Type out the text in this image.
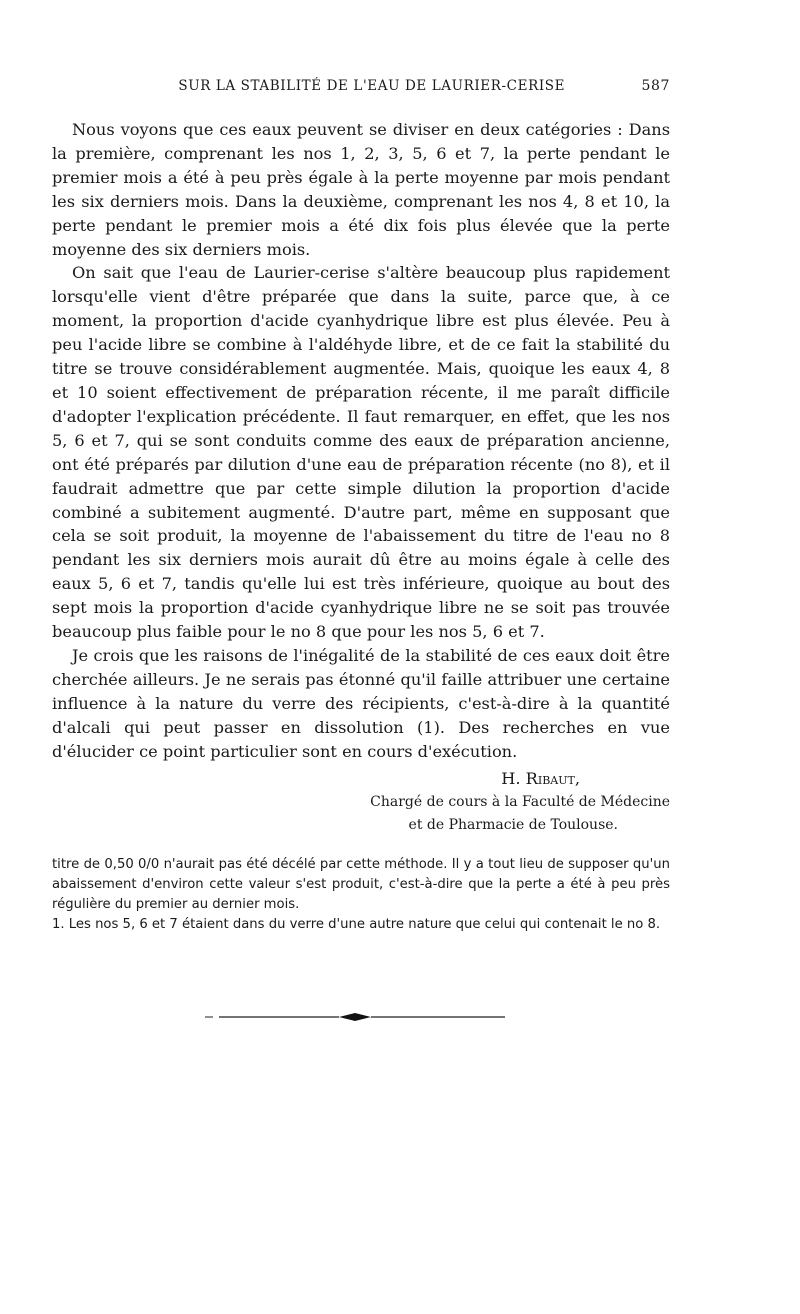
SUR LA STABILITÉ DE L'EAU DE LAURIER-CERISE	587

Nous voyons que ces eaux peuvent se diviser en deux catégories : Dans la première, comprenant les nos 1, 2, 3, 5, 6 et 7, la perte pendant le premier mois a été à peu près égale à la perte moyenne par mois pendant les six derniers mois. Dans la deuxième, comprenant les nos 4, 8 et 10, la perte pendant le premier mois a été dix fois plus élevée que la perte moyenne des six derniers mois.

On sait que l'eau de Laurier-cerise s'altère beaucoup plus rapidement lorsqu'elle vient d'être préparée que dans la suite, parce que, à ce moment, la proportion d'acide cyanhydrique libre est plus élevée. Peu à peu l'acide libre se combine à l'aldéhyde libre, et de ce fait la stabilité du titre se trouve considérablement augmentée. Mais, quoique les eaux 4, 8 et 10 soient effectivement de préparation récente, il me paraît difficile d'adopter l'explication précédente. Il faut remarquer, en effet, que les nos 5, 6 et 7, qui se sont conduits comme des eaux de préparation ancienne, ont été préparés par dilution d'une eau de préparation récente (no 8), et il faudrait admettre que par cette simple dilution la proportion d'acide combiné a subitement augmenté. D'autre part, même en supposant que cela se soit produit, la moyenne de l'abaissement du titre de l'eau no 8 pendant les six derniers mois aurait dû être au moins égale à celle des eaux 5, 6 et 7, tandis qu'elle lui est très inférieure, quoique au bout des sept mois la proportion d'acide cyanhydrique libre ne se soit pas trouvée beaucoup plus faible pour le no 8 que pour les nos 5, 6 et 7.

Je crois que les raisons de l'inégalité de la stabilité de ces eaux doit être cherchée ailleurs. Je ne serais pas étonné qu'il faille attribuer une certaine influence à la nature du verre des récipients, c'est-à-dire à la quantité d'alcali qui peut passer en dissolution (1). Des recherches en vue d'élucider ce point particulier sont en cours d'exécution.

H. Ribaut,
Chargé de cours à la Faculté de Médecine
et de Pharmacie de Toulouse.

titre de 0,50 0/0 n'aurait pas été décélé par cette méthode. Il y a tout lieu de supposer qu'un abaissement d'environ cette valeur s'est produit, c'est-à-dire que la perte a été à peu près régulière du premier au dernier mois.

1. Les nos 5, 6 et 7 étaient dans du verre d'une autre nature que celui qui contenait le no 8.
